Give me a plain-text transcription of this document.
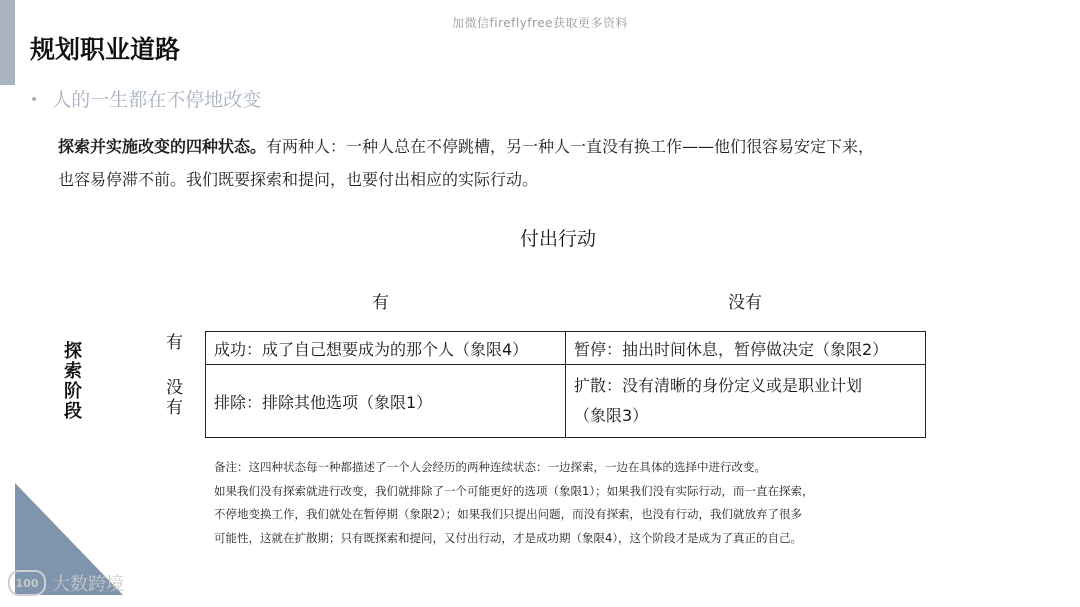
加微信fireflyfree获取更多资料
规划职业道路
• 人的一生都在不停地改变
探索并实施改变的四种状态。有两种人：一种人总在不停跳槽，另一种人一直没有换工作——他们很容易安定下来，
也容易停滞不前。我们既要探索和提问，也要付出相应的实际行动。
付出行动
有	没有
探索阶段
有
没
有
成功：成了自己想要成为的那个人（象限4）	暂停：抽出时间休息，暂停做决定（象限2）
排除：排除其他选项（象限1）	扩散：没有清晰的身份定义或是职业计划
（象限3）
备注：这四种状态每一种都描述了一个人会经历的两种连续状态：一边探索，一边在具体的选择中进行改变。
如果我们没有探索就进行改变，我们就排除了一个可能更好的选项（象限1）；如果我们没有实际行动，而一直在探索，
不停地变换工作，我们就处在暂停期（象限2）；如果我们只提出问题，而没有探索，也没有行动，我们就放弃了很多
可能性，这就在扩散期；只有既探索和提问，又付出行动，才是成功期（象限4），这个阶段才是成为了真正的自己。
100 大数跨境
